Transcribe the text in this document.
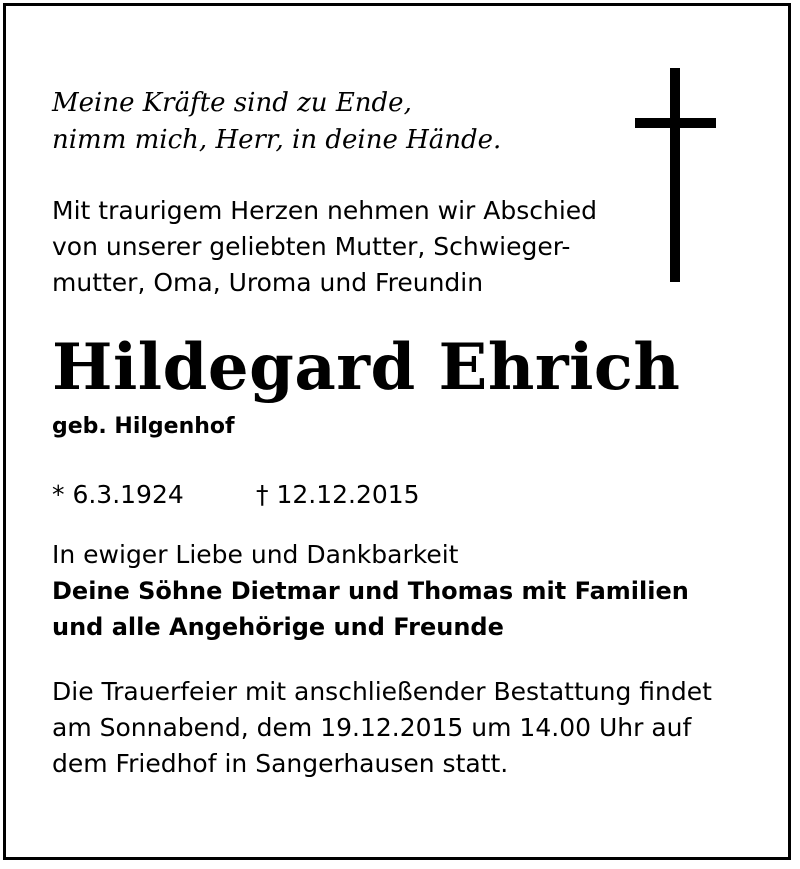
Meine Kräfte sind zu Ende,
nimm mich, Herr, in deine Hände.

Mit traurigem Herzen nehmen wir Abschied
von unserer geliebten Mutter, Schwieger-
mutter, Oma, Uroma und Freundin

Hildegard Ehrich

geb. Hilgenhof

* 6.3.1924	† 12.12.2015

In ewiger Liebe und Dankbarkeit
Deine Söhne Dietmar und Thomas mit Familien
und alle Angehörige und Freunde

Die Trauerfeier mit anschließender Bestattung findet
am Sonnabend, dem 19.12.2015 um 14.00 Uhr auf
dem Friedhof in Sangerhausen statt.
